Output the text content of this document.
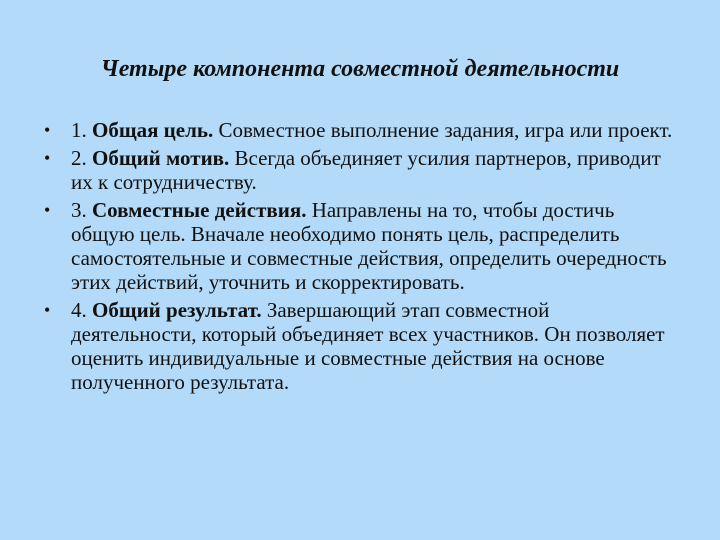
Четыре компонента совместной деятельности
• 1. Общая цель. Совместное выполнение задания, игра или проект.
• 2. Общий мотив. Всегда объединяет усилия партнеров, приводит их к сотрудничеству.
• 3. Совместные действия. Направлены на то, чтобы достичь общую цель. Вначале необходимо понять цель, распределить самостоятельные и совместные действия, определить очередность этих действий, уточнить и скорректировать.
• 4. Общий результат. Завершающий этап совместной деятельности, который объединяет всех участников. Он позволяет оценить индивидуальные и совместные действия на основе полученного результата.
